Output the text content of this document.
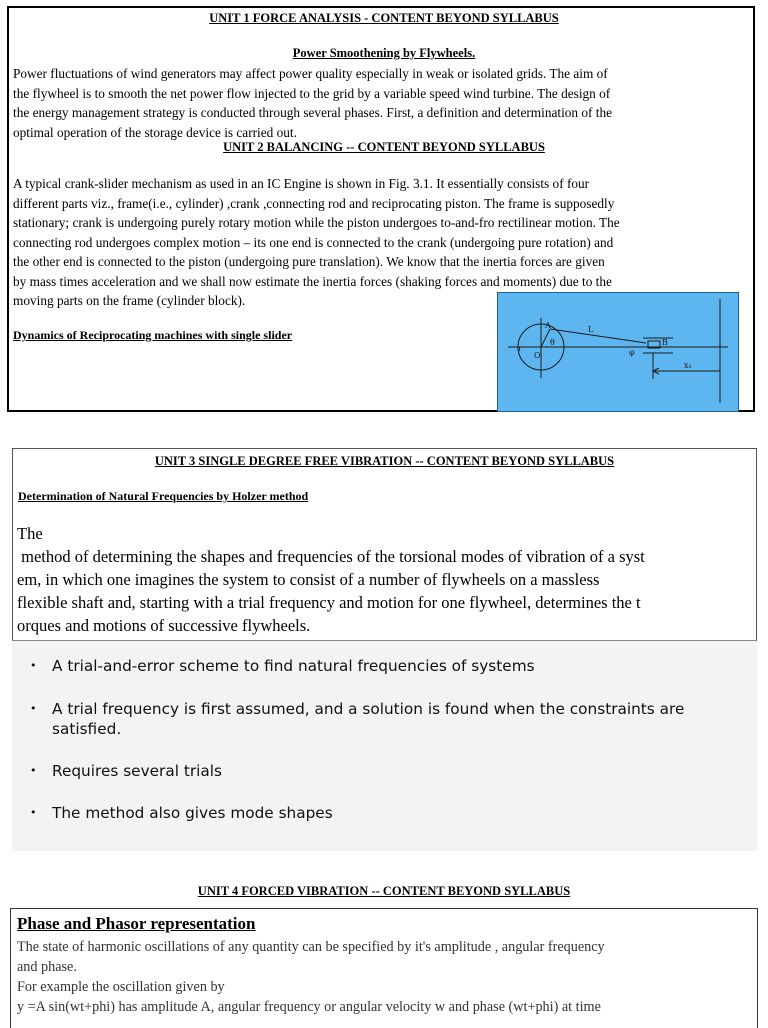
UNIT 1 FORCE ANALYSIS - CONTENT BEYOND SYLLABUS
Power Smoothening by Flywheels.
Power fluctuations of wind generators may affect power quality especially in weak or isolated grids. The aim of
the flywheel is to smooth the net power flow injected to the grid by a variable speed wind turbine. The design of
the energy management strategy is conducted through several phases. First, a definition and determination of the
optimal operation of the storage device is carried out.
UNIT 2 BALANCING -- CONTENT BEYOND SYLLABUS
A typical crank-slider mechanism as used in an IC Engine is shown in Fig. 3.1. It essentially consists of four
different parts viz., frame(i.e., cylinder) ,crank ,connecting rod and reciprocating piston. The frame is supposedly
stationary; crank is undergoing purely rotary motion while the piston undergoes to-and-fro rectilinear motion. The
connecting rod undergoes complex motion – its one end is connected to the crank (undergoing pure rotation) and
the other end is connected to the piston (undergoing pure translation). We know that the inertia forces are given
by mass times acceleration and we shall now estimate the inertia forces (shaking forces and moments) due to the
moving parts on the frame (cylinder block).
Dynamics of Reciprocating machines with single slider
A	L
B
x₁
O
θ
r	φ
UNIT 3 SINGLE DEGREE FREE VIBRATION -- CONTENT BEYOND SYLLABUS
Determination of Natural Frequencies by Holzer method
The
method of determining the shapes and frequencies of the torsional modes of vibration of a syst
em, in which one imagines the system to consist of a number of flywheels on a massless
flexible shaft and, starting with a trial frequency and motion for one flywheel, determines the t
orques and motions of successive flywheels.
• A trial-and-error scheme to find natural frequencies of systems
• A trial frequency is first assumed, and a solution is found when the constraints are satisfied.
• Requires several trials
• The method also gives mode shapes
UNIT 4 FORCED VIBRATION -- CONTENT BEYOND SYLLABUS
Phase and Phasor representation
The state of harmonic oscillations of any quantity can be specified by it's amplitude , angular frequency
and phase.
For example the oscillation given by
y =A sin(wt+phi) has amplitude A, angular frequency or angular velocity w and phase (wt+phi) at time
